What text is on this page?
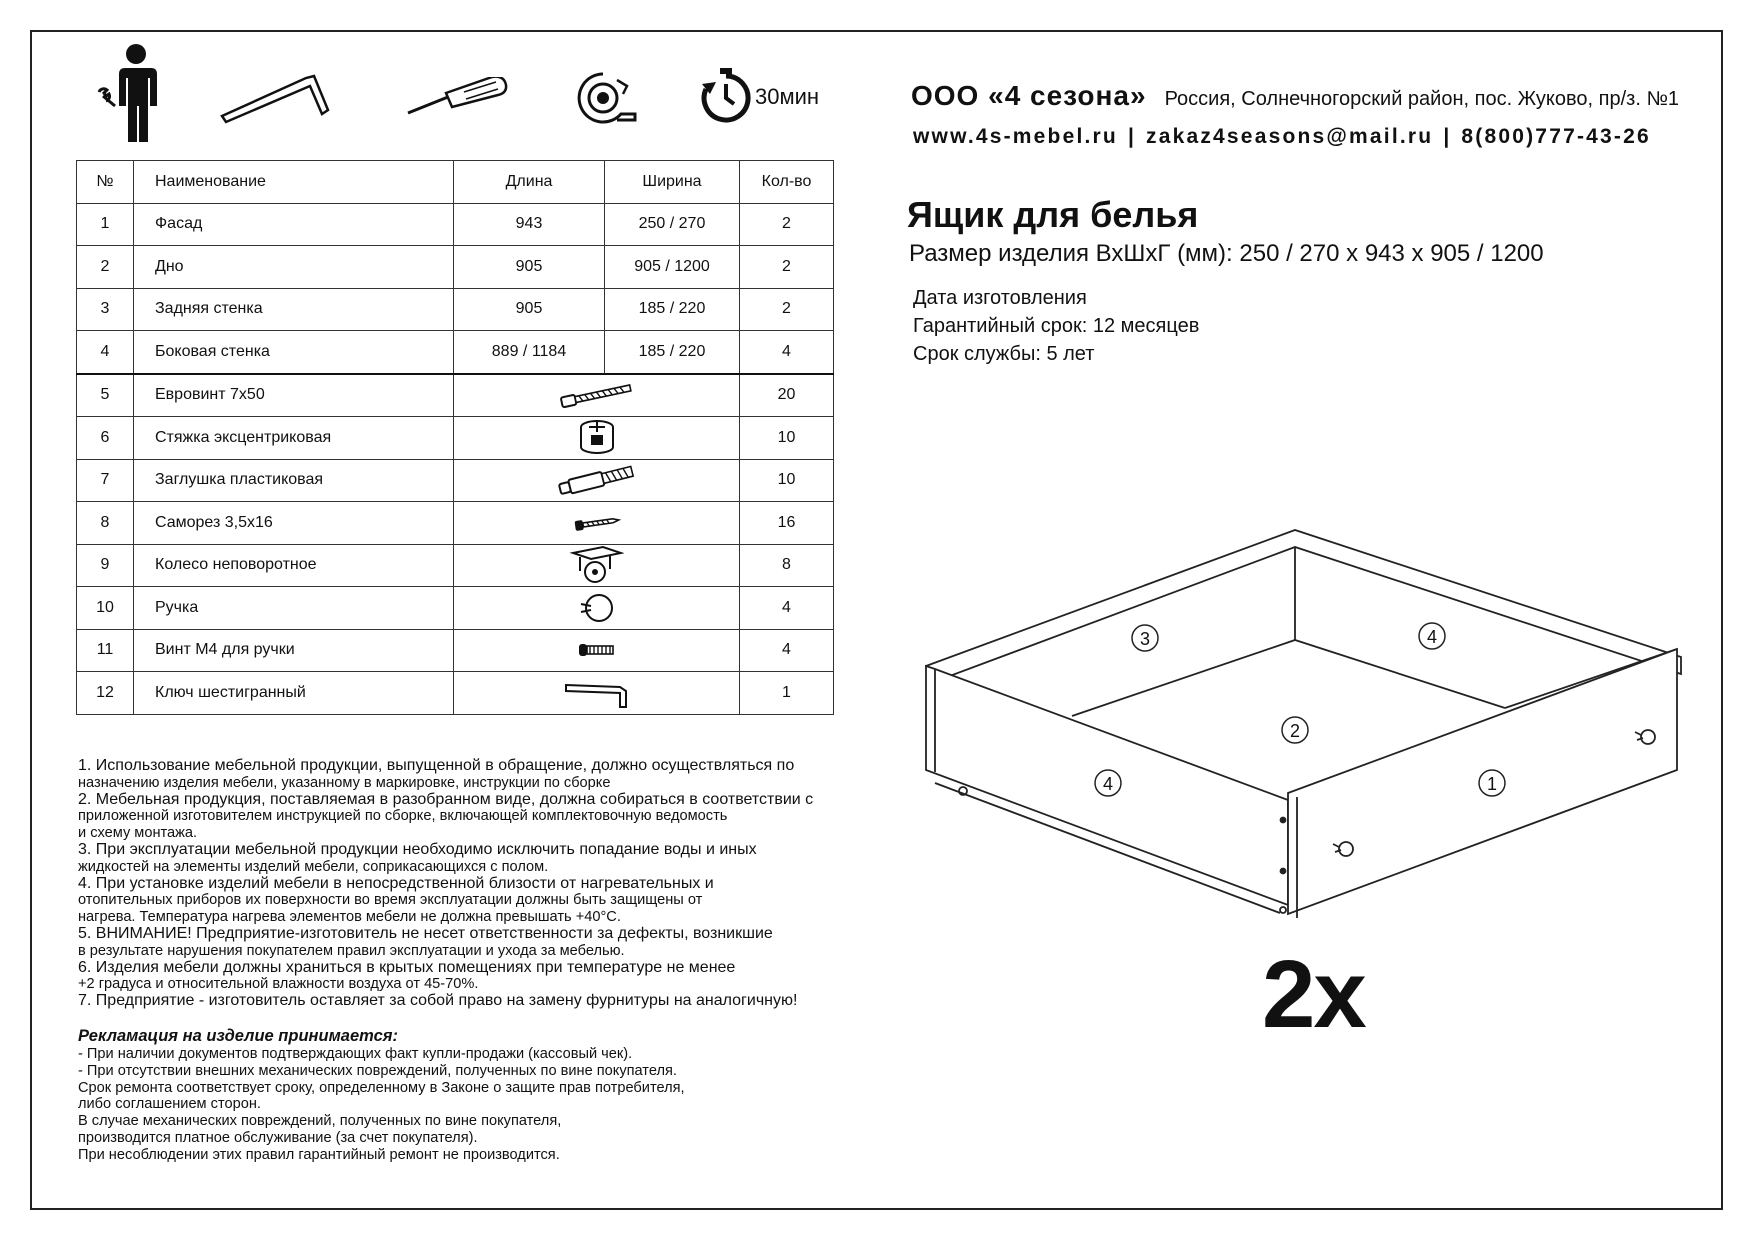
30мин	ООО «4 сезона» Россия, Солнечногорский район, пос. Жуково, пр/з. №1
www.4s-mebel.ru | zakaz4seasons@mail.ru | 8(800)777-43-26
Ящик для белья
Размер изделия ВхШхГ (мм): 250 / 270 х 943 х 905 / 1200
Дата изготовления
Гарантийный срок: 12 месяцев
Срок службы: 5 лет
№	Наименование	Длина	Ширина	Кол-во
1	Фасад	943	250 / 270	2
2	Дно	905	905 / 1200	2
3	Задняя стенка	905	185 / 220	2
4	Боковая стенка	889 / 1184	185 / 220	4
5	Евровинт 7х50			20
6	Стяжка эксцентриковая			10
7	Заглушка пластиковая			10
8	Саморез 3,5х16			16
9	Колесо неповоротное			8
10	Ручка			4
11	Винт М4 для ручки			4
12	Ключ шестигранный			1
1. Использование мебельной продукции, выпущенной в обращение, должно осуществляться по
назначению изделия мебели, указанному в маркировке, инструкции по сборке
2. Мебельная продукция, поставляемая в разобранном виде, должна собираться в соответствии с
приложенной изготовителем инструкцией по сборке, включающей комплектовочную ведомость
и схему монтажа.
3. При эксплуатации мебельной продукции необходимо исключить попадание воды и иных
жидкостей на элементы изделий мебели, соприкасающихся с полом.
4. При установке изделий мебели в непосредственной близости от нагревательных и
отопительных приборов их поверхности во время эксплуатации должны быть защищены от
нагрева. Температура нагрева элементов мебели не должна превышать +40°С.
5. ВНИМАНИЕ! Предприятие-изготовитель не несет ответственности за дефекты, возникшие
в результате нарушения покупателем правил эксплуатации и ухода за мебелью.
6. Изделия мебели должны храниться в крытых помещениях при температуре не менее
+2 градуса и относительной влажности воздуха от 45-70%.
7. Предприятие - изготовитель оставляет за собой право на замену фурнитуры на аналогичную!
Рекламация на изделие принимается:
- При наличии документов подтверждающих факт купли-продажи (кассовый чек).
- При отсутствии внешних механических повреждений, полученных по вине покупателя.
Срок ремонта соответствует сроку, определенному в Законе о защите прав потребителя,
либо соглашением сторон.
В случае механических повреждений, полученных по вине покупателя,
производится платное обслуживание (за счет покупателя).
При несоблюдении этих правил гарантийный ремонт не производится.
3	4
2
4	1
2x
